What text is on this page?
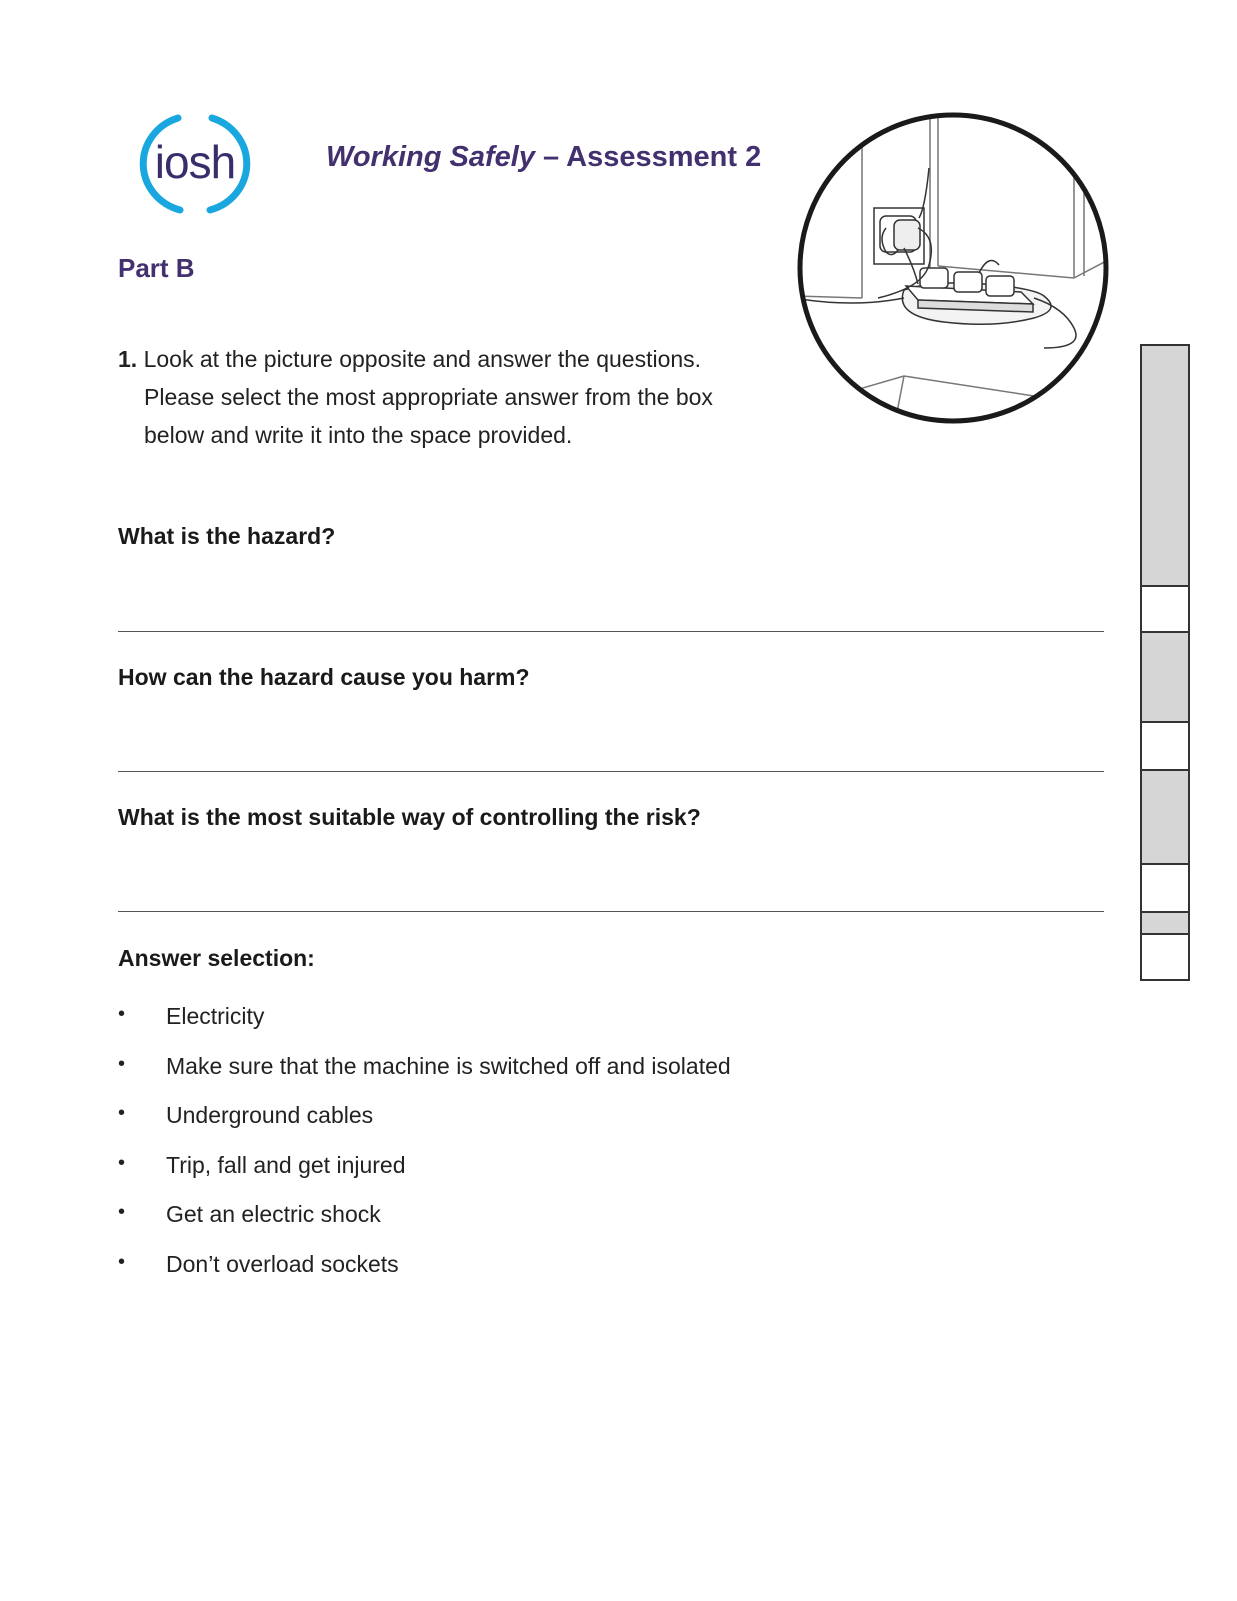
iosh	Working Safely – Assessment 2
Part B
1. Look at the picture opposite and answer the questions.
Please select the most appropriate answer from the box
below and write it into the space provided.
What is the hazard?
How can the hazard cause you harm?
What is the most suitable way of controlling the risk?
Answer selection:
• Electricity
• Make sure that the machine is switched off and isolated
• Underground cables
• Trip, fall and get injured
• Get an electric shock
• Don’t overload sockets
